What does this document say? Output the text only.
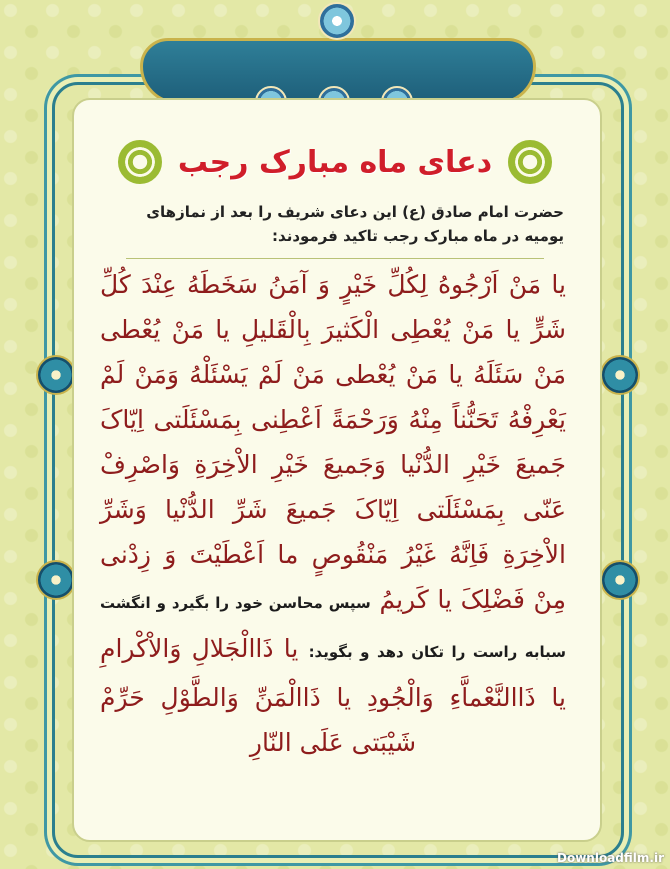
دعای ماه مبارک رجب
حضرت امام صادق (ع) این دعای شریف را بعد از نمازهای یومیه در ماه مبارک رجب تاکید فرمودند:
یا مَنْ اَرْجُوهُ لِکُلِّ خَیْرٍ وَ آمَنُ سَخَطَهُ عِنْدَ کُلِّ شَرٍّ یا مَنْ یُعْطِی الْکَثیرَ بِالْقَلیلِ یا مَنْ یُعْطی مَنْ سَئَلَهُ یا مَنْ یُعْطی مَنْ لَمْ یَسْئَلْهُ وَمَنْ لَمْ یَعْرِفْهُ تَحَنُّناً مِنْهُ وَرَحْمَةً اَعْطِنی بِمَسْئَلَتی اِیّاکَ جَمیعَ خَیْرِ الدُّنْیا وَجَمیعَ خَیْرِ الاْخِرَةِ وَاصْرِفْ عَنّی بِمَسْئَلَتی اِیّاکَ جَمیعَ شَرِّ الدُّنْیا وَشَرِّ الاْخِرَةِ فَاِنَّهُ غَیْرُ مَنْقُوصٍ ما اَعْطَیْتَ وَ زِدْنی مِنْ فَضْلِکَ یا کَریمُ سپس محاسن خود را بگیرد و انگشت سبابه راست را تکان دهد و بگوید: یا ذَاالْجَلالِ وَالاْکْرامِ یا ذَاالنَّعْماَّءِ وَالْجُودِ یا ذَاالْمَنِّ وَالطَّوْلِ حَرِّمْ شَیْبَتی عَلَی النّارِ
Downloadfilm.ir
